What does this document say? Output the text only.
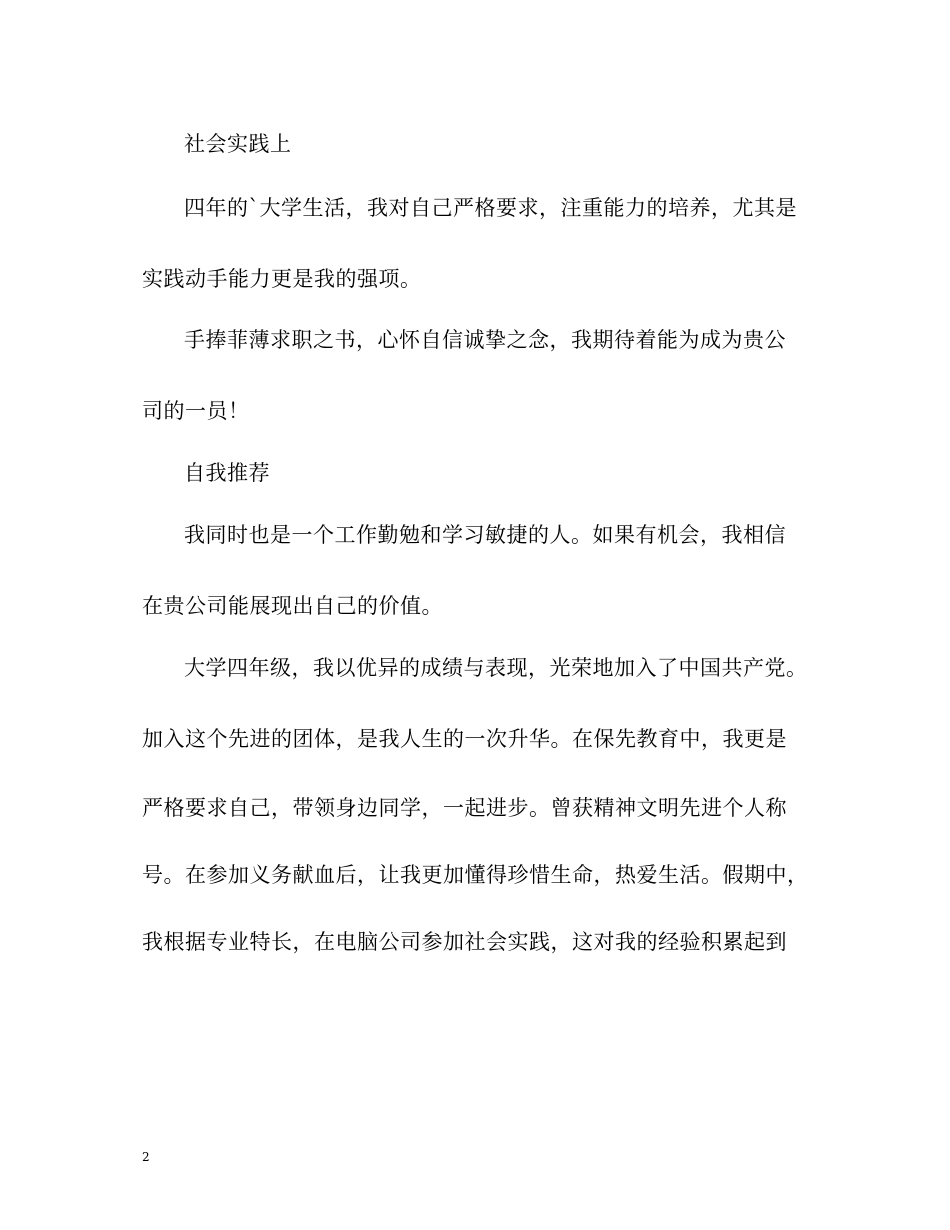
社会实践上
四年的`大学生活，我对自己严格要求，注重能力的培养，尤其是
实践动手能力更是我的强项。
手捧菲薄求职之书，心怀自信诚挚之念，我期待着能为成为贵公
司的一员！
自我推荐
我同时也是一个工作勤勉和学习敏捷的人。如果有机会，我相信
在贵公司能展现出自己的价值。
大学四年级，我以优异的成绩与表现，光荣地加入了中国共产党。
加入这个先进的团体，是我人生的一次升华。在保先教育中，我更是
严格要求自己，带领身边同学，一起进步。曾获精神文明先进个人称
号。在参加义务献血后，让我更加懂得珍惜生命，热爱生活。假期中，
我根据专业特长，在电脑公司参加社会实践，这对我的经验积累起到
2
